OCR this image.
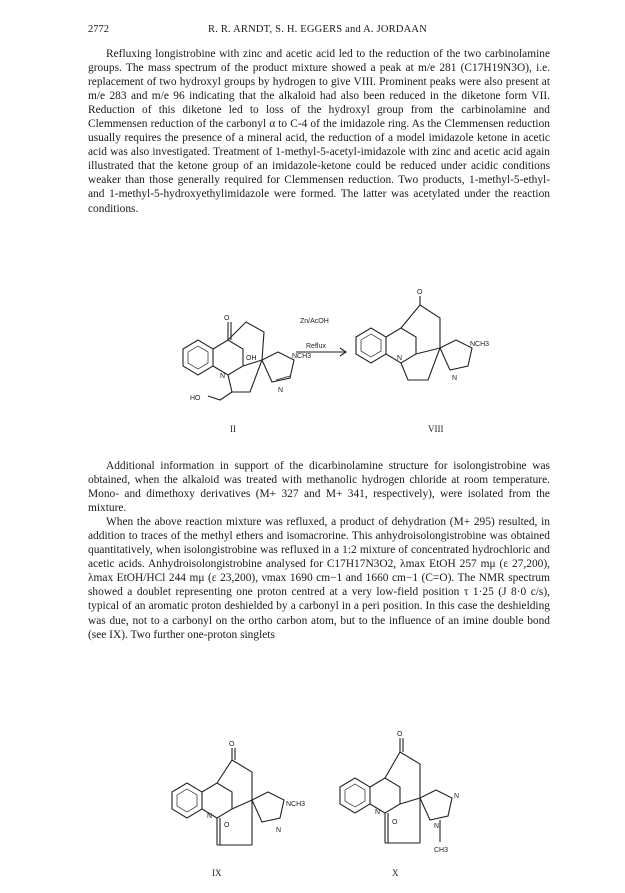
2772	R. R. ARNDT, S. H. EGGERS and A. JORDAAN

Refluxing longistrobine with zinc and acetic acid led to the reduction of the two carbinolamine groups. The mass spectrum of the product mixture showed a peak at m/e 281 (C17H19N3O), i.e. replacement of two hydroxyl groups by hydrogen to give VIII. Prominent peaks were also present at m/e 283 and m/e 96 indicating that the alkaloid had also been reduced in the diketone form VII. Reduction of this diketone led to loss of the hydroxyl group from the carbinolamine and Clemmensen reduction of the carbonyl α to C-4 of the imidazole ring. As the Clemmensen reduction usually requires the presence of a mineral acid, the reduction of a model imidazole ketone in acetic acid was also investigated. Treatment of 1-methyl-5-acetyl-imidazole with zinc and acetic acid again illustrated that the ketone group of an imidazole-ketone could be reduced under acidic conditions weaker than those generally required for Clemmensen reduction. Two products, 1-methyl-5-ethyl- and 1-methyl-5-hydroxyethylimidazole were formed. The latter was acetylated under the reaction conditions.

O
OH
N
HO
NCH3
N
II
Zn/AcOH
Reflux
O
N
NCH3
N
VIII

Additional information in support of the dicarbinolamine structure for isolongistrobine was obtained, when the alkaloid was treated with methanolic hydrogen chloride at room temperature. Mono- and dimethoxy derivatives (M+ 327 and M+ 341, respectively), were isolated from the mixture.

When the above reaction mixture was refluxed, a product of dehydration (M+ 295) resulted, in addition to traces of the methyl ethers and isomacrorine. This anhydroisolongistrobine was obtained quantitatively, when isolongistrobine was refluxed in a 1:2 mixture of concentrated hydrochloric and acetic acids. Anhydroisolongistrobine analysed for C17H17N3O2, λmax EtOH 257 mμ (ε 27,200), λmax EtOH/HCl 244 mμ (ε 23,200), νmax 1690 cm−1 and 1660 cm−1 (C=O). The NMR spectrum showed a doublet representing one proton centred at a very low-field position τ 1·25 (J 8·0 c/s), typical of an aromatic proton deshielded by a carbonyl in a peri position. In this case the deshielding was due, not to a carbonyl on the ortho carbon atom, but to the influence of an imine double bond (see IX). Two further one-proton singlets

O
N
O
NCH3
N
IX
O
N
O
N
N
CH3
X
